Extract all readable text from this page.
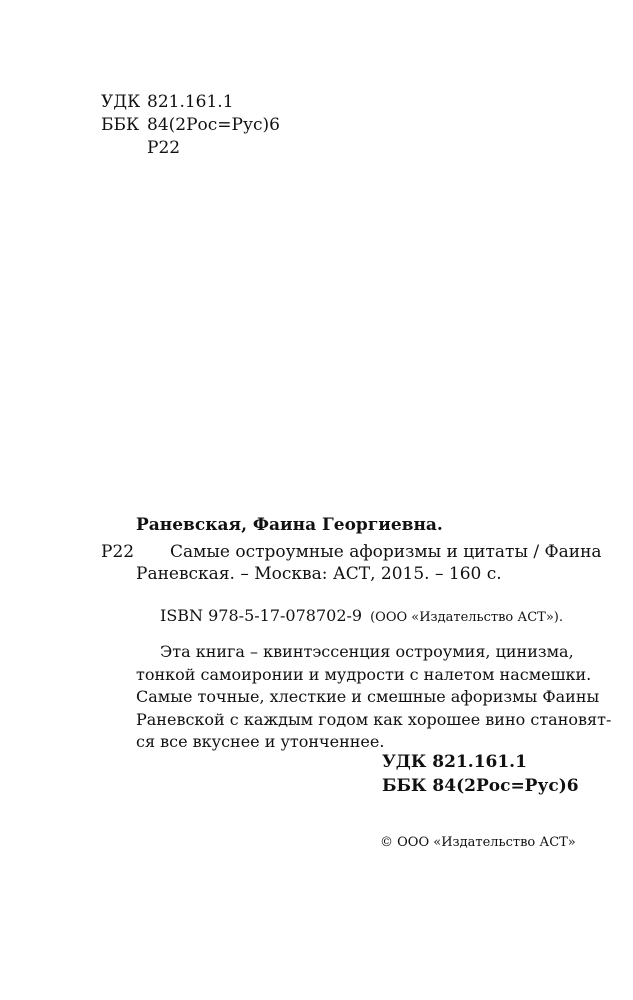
УДК 821.161.1
ББК 84(2Рос=Рус)6
Р22
Раневская, Фаина Георгиевна.
Р22 Самые остроумные афоризмы и цитаты / Фаина
Раневская. – Москва: АСТ, 2015. – 160 с.
ISBN 978-5-17-078702-9 (ООО «Издательство АСТ»).
Эта книга – квинтэссенция остроумия, цинизма,
тонкой самоиронии и мудрости с налетом насмешки.
Самые точные, хлесткие и смешные афоризмы Фаины
Раневской с каждым годом как хорошее вино становят-
ся все вкуснее и утонченнее.
УДК 821.161.1
ББК 84(2Рос=Рус)6
© ООО «Издательство АСТ»
